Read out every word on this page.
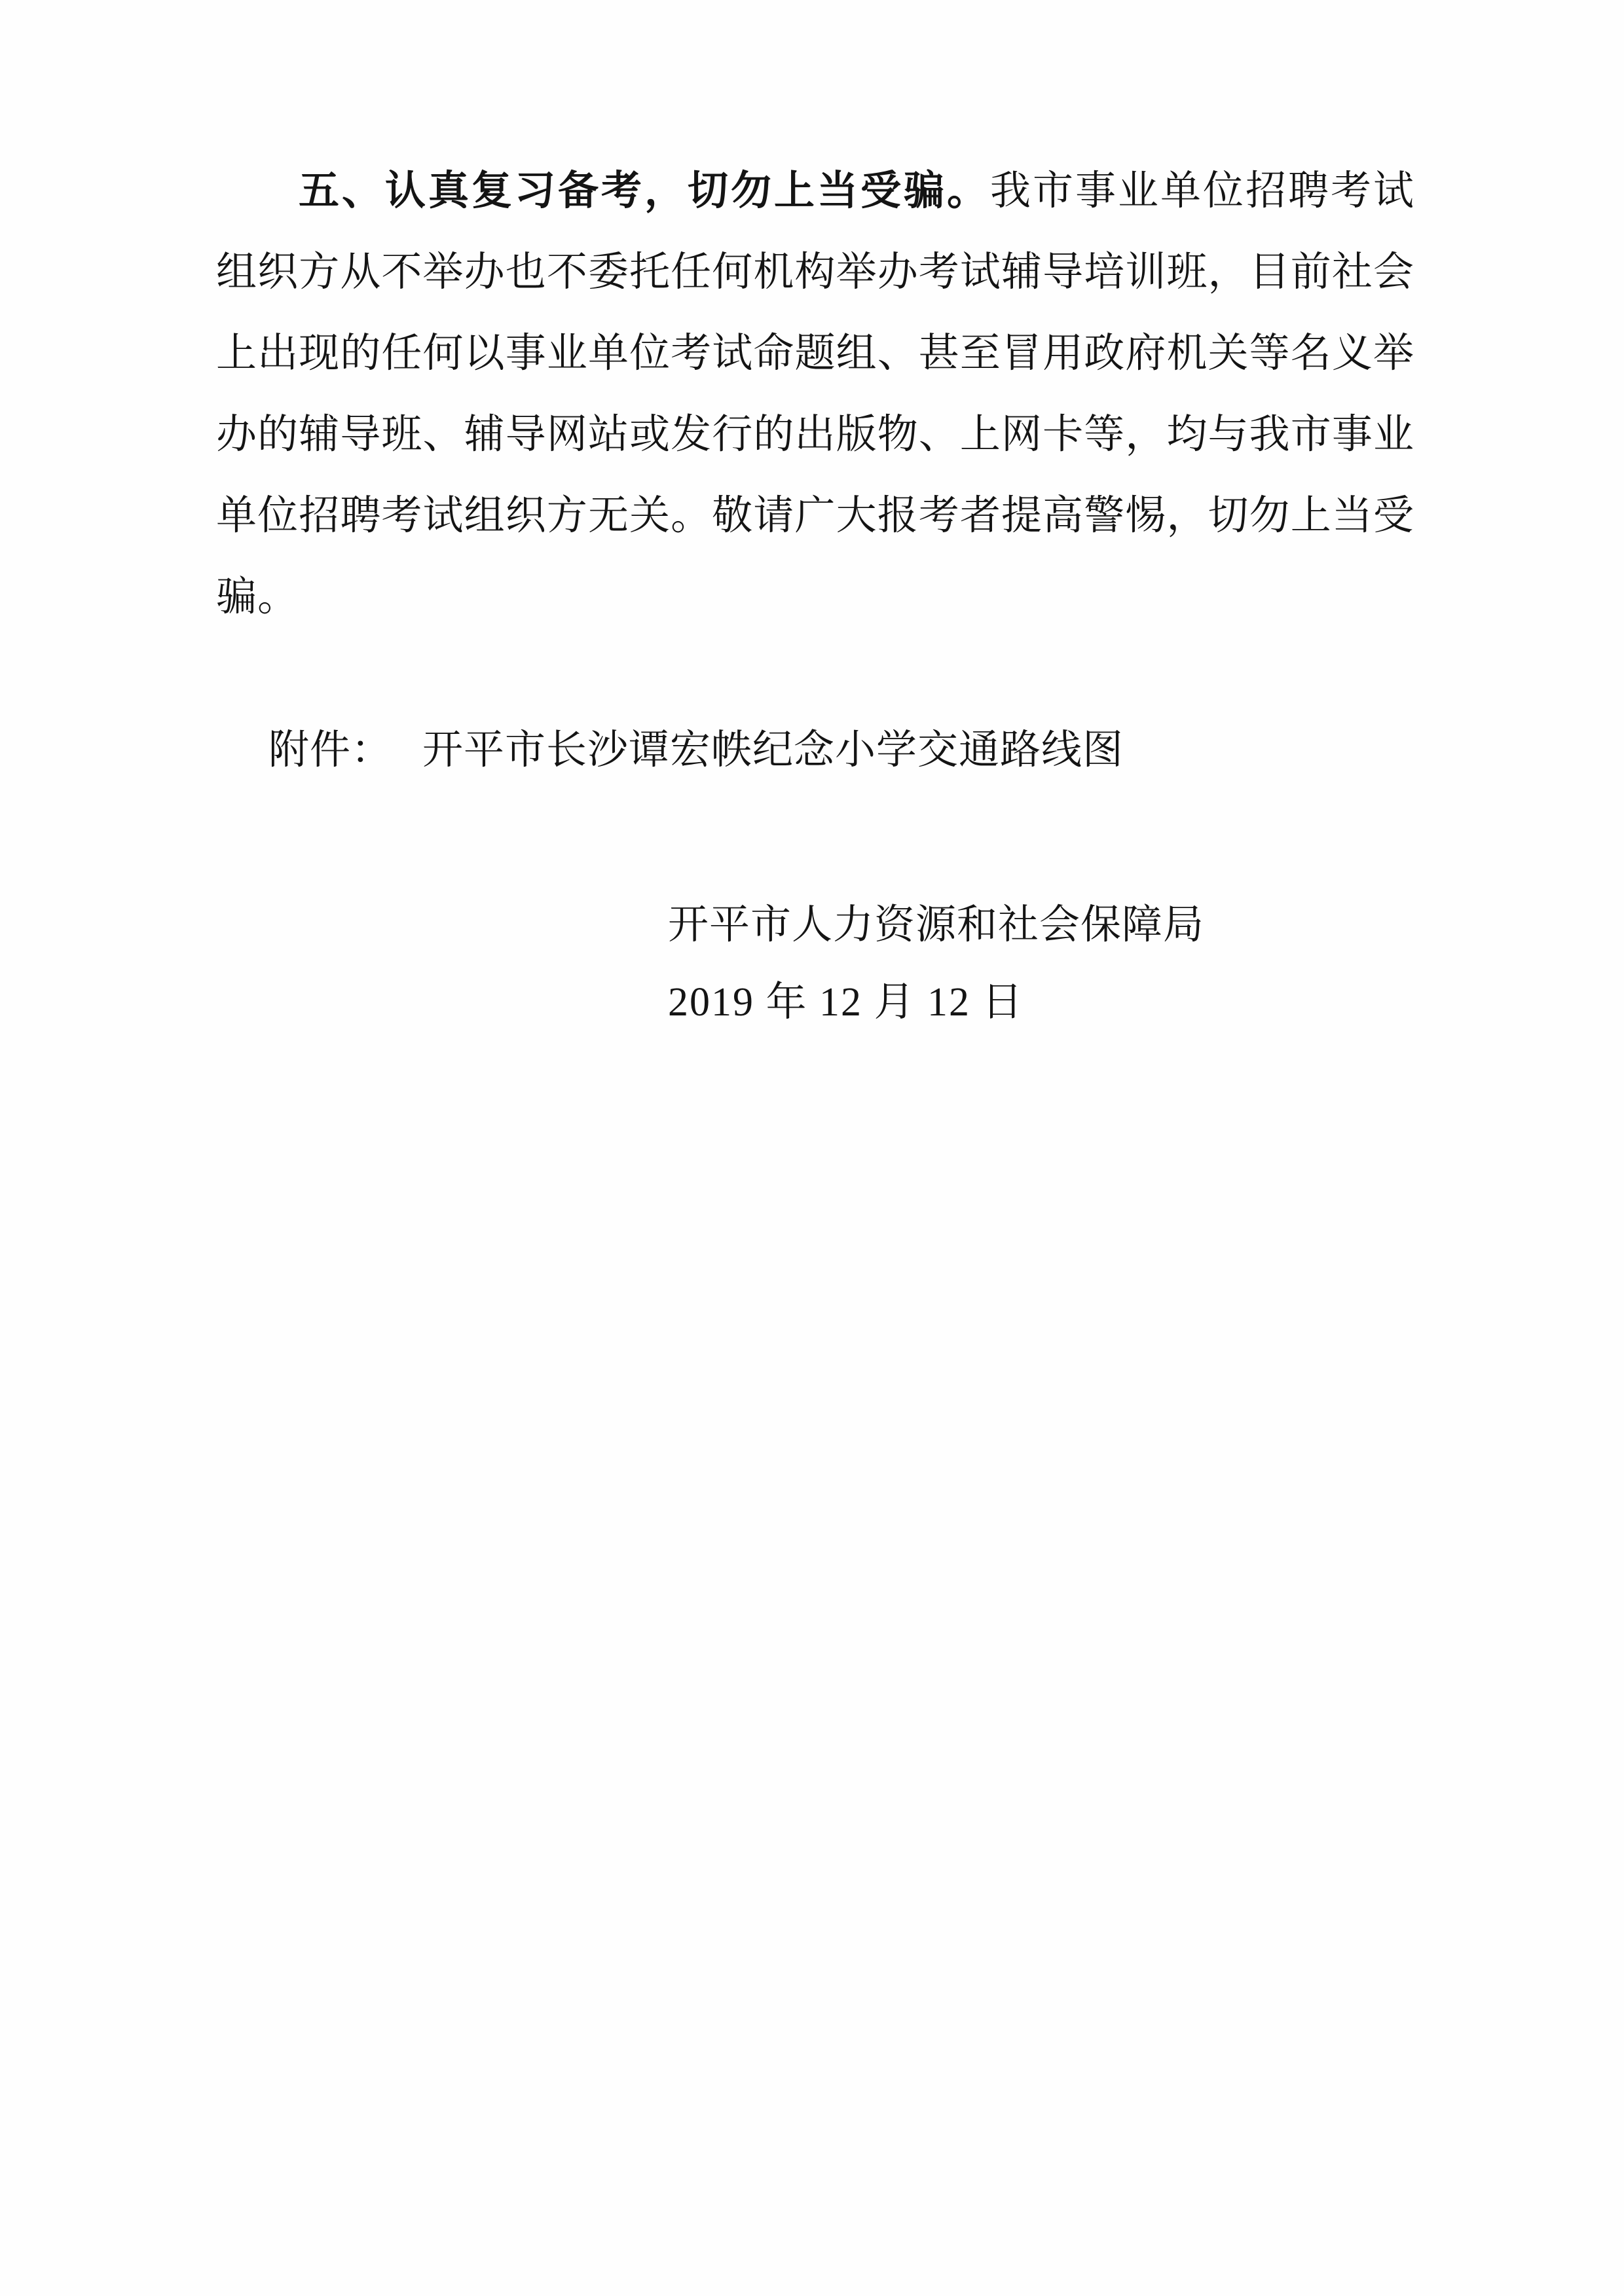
五、认真复习备考，切勿上当受骗。我市事业单位招聘考试组织方从不举办也不委托任何机构举办考试辅导培训班，目前社会上出现的任何以事业单位考试命题组、甚至冒用政府机关等名义举办的辅导班、辅导网站或发行的出版物、上网卡等，均与我市事业单位招聘考试组织方无关。敬请广大报考者提高警惕，切勿上当受骗。

附件： 开平市长沙谭宏帙纪念小学交通路线图
开平市人力资源和社会保障局
2019 年 12 月 12 日
